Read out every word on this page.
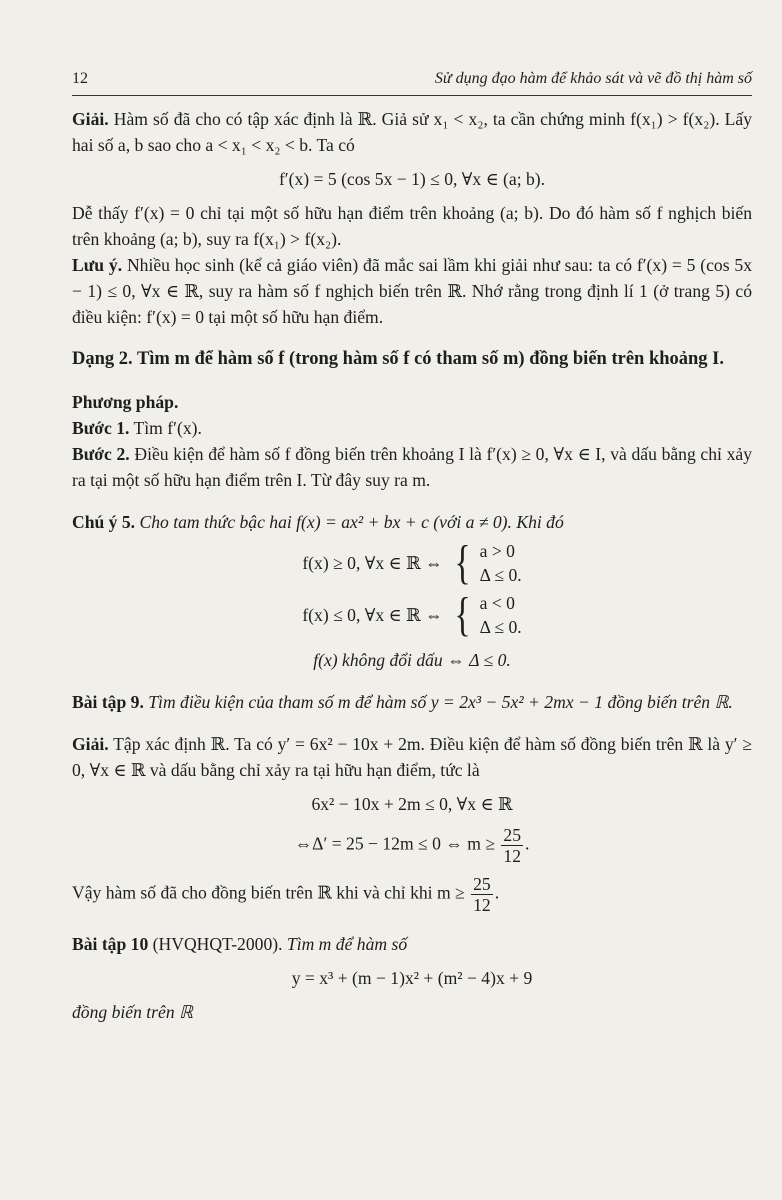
12	Sử dụng đạo hàm để khảo sát và vẽ đồ thị hàm số

Giải. Hàm số đã cho có tập xác định là ℝ. Giả sử x₁ < x₂, ta cần chứng minh f(x₁) > f(x₂). Lấy hai số a, b sao cho a < x₁ < x₂ < b. Ta có

f′(x) = 5 (cos 5x − 1) ≤ 0, ∀x ∈ (a; b).

Dễ thấy f′(x) = 0 chỉ tại một số hữu hạn điểm trên khoảng (a; b). Do đó hàm số f nghịch biến trên khoảng (a; b), suy ra f(x₁) > f(x₂).

Lưu ý. Nhiều học sinh (kể cả giáo viên) đã mắc sai lầm khi giải như sau: ta có f′(x) = 5 (cos 5x − 1) ≤ 0, ∀x ∈ ℝ, suy ra hàm số f nghịch biến trên ℝ. Nhớ rằng trong định lí 1 (ở trang 5) có điều kiện: f′(x) = 0 tại một số hữu hạn điểm.

Dạng 2. Tìm m để hàm số f (trong hàm số f có tham số m) đồng biến trên khoảng I.

Phương pháp.

Bước 1. Tìm f′(x).

Bước 2. Điều kiện để hàm số f đồng biến trên khoảng I là f′(x) ≥ 0, ∀x ∈ I, và dấu bằng chỉ xảy ra tại một số hữu hạn điểm trên I. Từ đây suy ra m.

Chú ý 5. Cho tam thức bậc hai f(x) = ax² + bx + c (với a ≠ 0). Khi đó

f(x) ≥ 0, ∀x ∈ ℝ ⇔ { a > 0
Δ ≤ 0.
f(x) ≤ 0, ∀x ∈ ℝ ⇔ { a < 0
Δ ≤ 0.
f(x) không đổi dấu ⇔ Δ ≤ 0.

Bài tập 9. Tìm điều kiện của tham số m để hàm số y = 2x³ − 5x² + 2mx − 1 đồng biến trên ℝ.

Giải. Tập xác định ℝ. Ta có y′ = 6x² − 10x + 2m. Điều kiện để hàm số đồng biến trên ℝ là y′ ≥ 0, ∀x ∈ ℝ và dấu bằng chỉ xảy ra tại hữu hạn điểm, tức là

6x² − 10x + 2m ≤ 0, ∀x ∈ ℝ
⇔Δ′ = 25 − 12m ≤ 0 ⇔ $m \ge \frac{25}{12}$ .

Vậy hàm số đã cho đồng biến trên ℝ khi và chỉ khi $m \ge \frac{25}{12}$ .

Bài tập 10 (HVQHQT-2000). Tìm m để hàm số

y = x³ + (m − 1)x² + (m² − 4)x + 9

đồng biến trên ℝ
